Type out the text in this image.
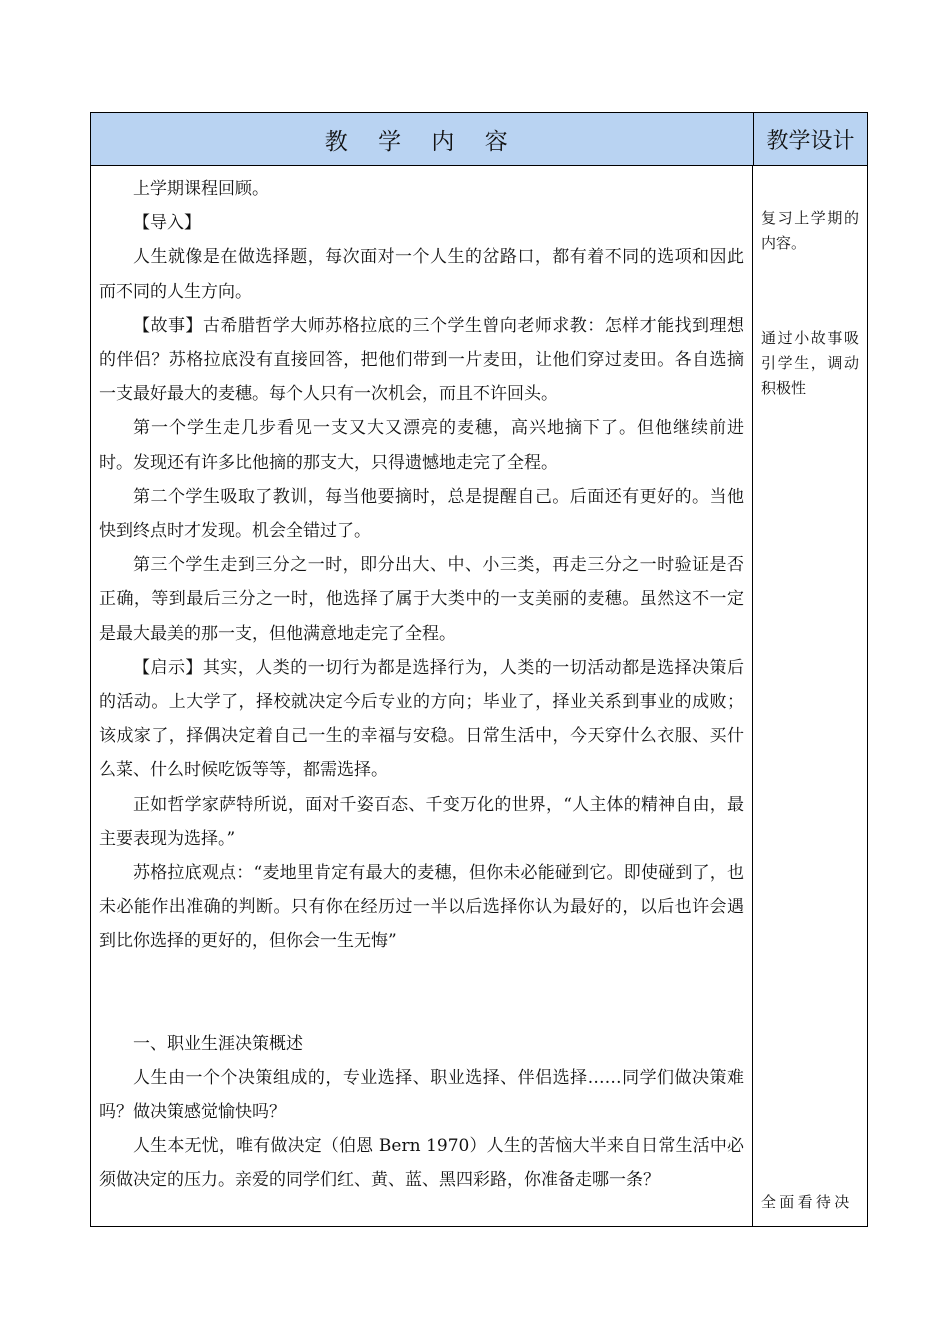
教 学 内 容	教学设计

上学期课程回顾。

【导入】

人生就像是在做选择题，每次面对一个人生的岔路口，都有着不同的选项和因此而不同的人生方向。

【故事】古希腊哲学大师苏格拉底的三个学生曾向老师求教：怎样才能找到理想的伴侣？苏格拉底没有直接回答，把他们带到一片麦田，让他们穿过麦田。各自选摘一支最好最大的麦穗。每个人只有一次机会，而且不许回头。

第一个学生走几步看见一支又大又漂亮的麦穗，高兴地摘下了。但他继续前进时。发现还有许多比他摘的那支大，只得遗憾地走完了全程。

第二个学生吸取了教训，每当他要摘时，总是提醒自己。后面还有更好的。当他快到终点时才发现。机会全错过了。

第三个学生走到三分之一时，即分出大、中、小三类，再走三分之一时验证是否正确，等到最后三分之一时，他选择了属于大类中的一支美丽的麦穗。虽然这不一定是最大最美的那一支，但他满意地走完了全程。

【启示】其实，人类的一切行为都是选择行为，人类的一切活动都是选择决策后的活动。上大学了，择校就决定今后专业的方向；毕业了，择业关系到事业的成败；该成家了，择偶决定着自己一生的幸福与安稳。日常生活中，今天穿什么衣服、买什么菜、什么时候吃饭等等，都需选择。

正如哲学家萨特所说，面对千姿百态、千变万化的世界，“人主体的精神自由，最主要表现为选择。”

苏格拉底观点：“麦地里肯定有最大的麦穗，但你未必能碰到它。即使碰到了，也未必能作出准确的判断。只有你在经历过一半以后选择你认为最好的，以后也许会遇到比你选择的更好的，但你会一生无悔”

一、职业生涯决策概述

人生由一个个决策组成的，专业选择、职业选择、伴侣选择……同学们做决策难吗？做决策感觉愉快吗？

人生本无忧，唯有做决定（伯恩 Bern 1970）人生的苦恼大半来自日常生活中必须做决定的压力。亲爱的同学们红、黄、蓝、黑四彩路，你准备走哪一条？

复习上学期的内容。
通过小故事吸引学生，调动积极性
全面看待决
